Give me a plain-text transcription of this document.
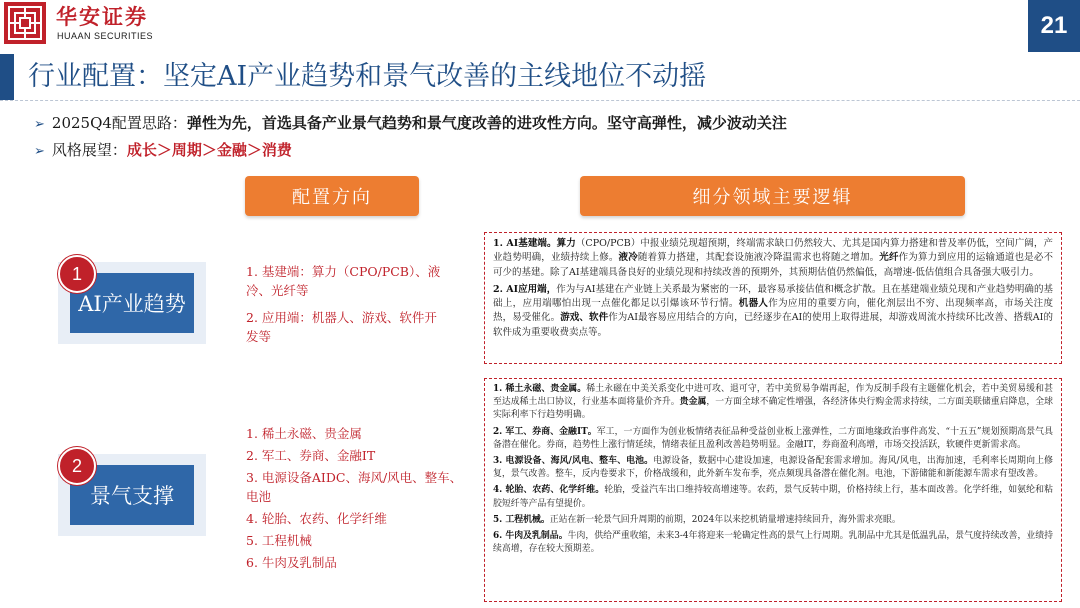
华安证券
HUAAN SECURITIES	21
行业配置：坚定AI产业趋势和景气改善的主线地位不动摇
➢ 2025Q4配置思路：弹性为先，首选具备产业景气趋势和景气度改善的进攻性方向。坚守高弹性，减少波动关注
➢ 风格展望：成长＞周期＞金融＞消费
配置方向	细分领域主要逻辑
AI产业趋势
1	1. 基建端：算力（CPO/PCB）、液冷、光纤等
2. 应用端：机器人、游戏、软件开发等

1. AI基建端。算力（CPO/PCB）中报业绩兑现超预期，终端需求缺口仍然较大、尤其是国内算力搭建和普及率仍低，空间广阔，产业趋势明确，业绩持续上修。液冷随着算力搭建，其配套设施液冷降温需求也将随之增加。光纤作为算力到应用的运输通道也是必不可少的基建。除了AI基建端具备良好的业绩兑现和持续改善的预期外，其预期估值仍然偏低，高增速-低估值组合具备强大吸引力。

2. AI应用端，作为与AI基建在产业链上关系最为紧密的一环，最容易承接估值和概念扩散。且在基建端业绩兑现和产业趋势明确的基础上，应用端哪怕出现一点催化都足以引爆该环节行情。机器人作为应用的重要方向，催化剂层出不穷、出现频率高，市场关注度热，易受催化。游戏、软件作为AI最容易应用结合的方向，已经逐步在AI的使用上取得进展，却游戏周流水持续环比改善、搭载AI的软件成为重要收费卖点等。

景气支撑
2
1. 稀土永磁、贵金属
2. 军工、券商、金融IT
3. 电源设备AIDC、海风/风电、整车、电池
4. 轮胎、农药、化学纤维
5. 工程机械
6. 牛肉及乳制品

1. 稀土永磁、贵金属。稀土永磁在中美关系变化中进可攻、退可守，若中美贸易争端再起，作为反制手段有主题催化机会，若中美贸易缓和甚至达成稀土出口协议，行业基本面将量价齐升。贵金属，一方面全球不确定性增强，各经济体央行购金需求持续，二方面美联储重启降息，全球实际利率下行趋势明确。

2. 军工、券商、金融IT。军工，一方面作为创业板情绪表征品种受益创业板上涨弹性，二方面地缘政治事件高发、“十五五”规划预期高景气具备潜在催化。券商，趋势性上涨行情延续，情绪表征且盈利改善趋势明显。金融IT，券商盈利高增，市场交投活跃，软硬件更新需求高。

3. 电源设备、海风/风电、整车、电池。电源设备，数据中心建设加速，电源设备配套需求增加。海风/风电，出海加速，毛利率长周期向上修复，景气改善。整车，反内卷要求下，价格战缓和，此外新车发布季，亮点频现具备潜在催化剂。电池，下游储能和新能源车需求有望改善。

4. 轮胎、农药、化学纤维。轮胎，受益汽车出口维持较高增速等。农药，景气反转中期，价格持续上行，基本面改善。化学纤维，如氨纶和粘胶短纤等产品有望提价。

5. 工程机械。正站在新一轮景气回升周期的前期，2024年以来挖机销量增速持续回升，海外需求亮眼。

6. 牛肉及乳制品。牛肉，供给严重收缩，未来3-4年将迎来一轮确定性高的景气上行周期。乳制品中尤其是低温乳品，景气度持续改善，业绩持续高增，存在较大预期差。
